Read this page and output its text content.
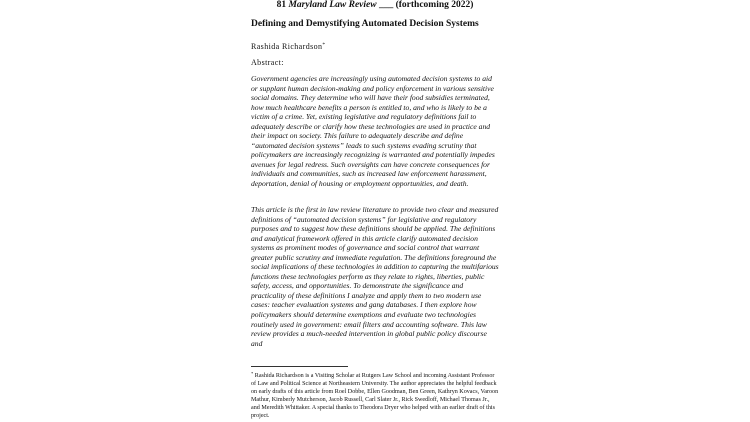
81 Maryland Law Review ___ (forthcoming 2022)
Defining and Demystifying Automated Decision Systems
Rashida Richardson*
Abstract:

Government agencies are increasingly using automated decision systems to aid or supplant human decision-making and policy enforcement in various sensitive social domains. They determine who will have their food subsidies terminated, how much healthcare benefits a person is entitled to, and who is likely to be a victim of a crime. Yet, existing legislative and regulatory definitions fail to adequately describe or clarify how these technologies are used in practice and their impact on society. This failure to adequately describe and define “automated decision systems” leads to such systems evading scrutiny that policymakers are increasingly recognizing is warranted and potentially impedes avenues for legal redress. Such oversights can have concrete consequences for individuals and communities, such as increased law enforcement harassment, deportation, denial of housing or employment opportunities, and death.

This article is the first in law review literature to provide two clear and measured definitions of “automated decision systems” for legislative and regulatory purposes and to suggest how these definitions should be applied. The definitions and analytical framework offered in this article clarify automated decision systems as prominent modes of governance and social control that warrant greater public scrutiny and immediate regulation. The definitions foreground the social implications of these technologies in addition to capturing the multifarious functions these technologies perform as they relate to rights, liberties, public safety, access, and opportunities. To demonstrate the significance and practicality of these definitions I analyze and apply them to two modern use cases: teacher evaluation systems and gang databases. I then explore how policymakers should determine exemptions and evaluate two technologies routinely used in government: email filters and accounting software. This law review provides a much-needed intervention in global public policy discourse and

* Rashida Richardson is a Visiting Scholar at Rutgers Law School and incoming Assistant Professor of Law and Political Science at Northeastern University. The author appreciates the helpful feedback on early drafts of this article from Roel Dobbe, Ellen Goodman, Ben Green, Kathryn Kovacs, Varoon Mathur, Kimberly Mutcherson, Jacob Russell, Carl Slater Jr., Rick Swedloff, Michael Thomas Jr., and Meredith Whittaker. A special thanks to Theodora Dryer who helped with an earlier draft of this project.
